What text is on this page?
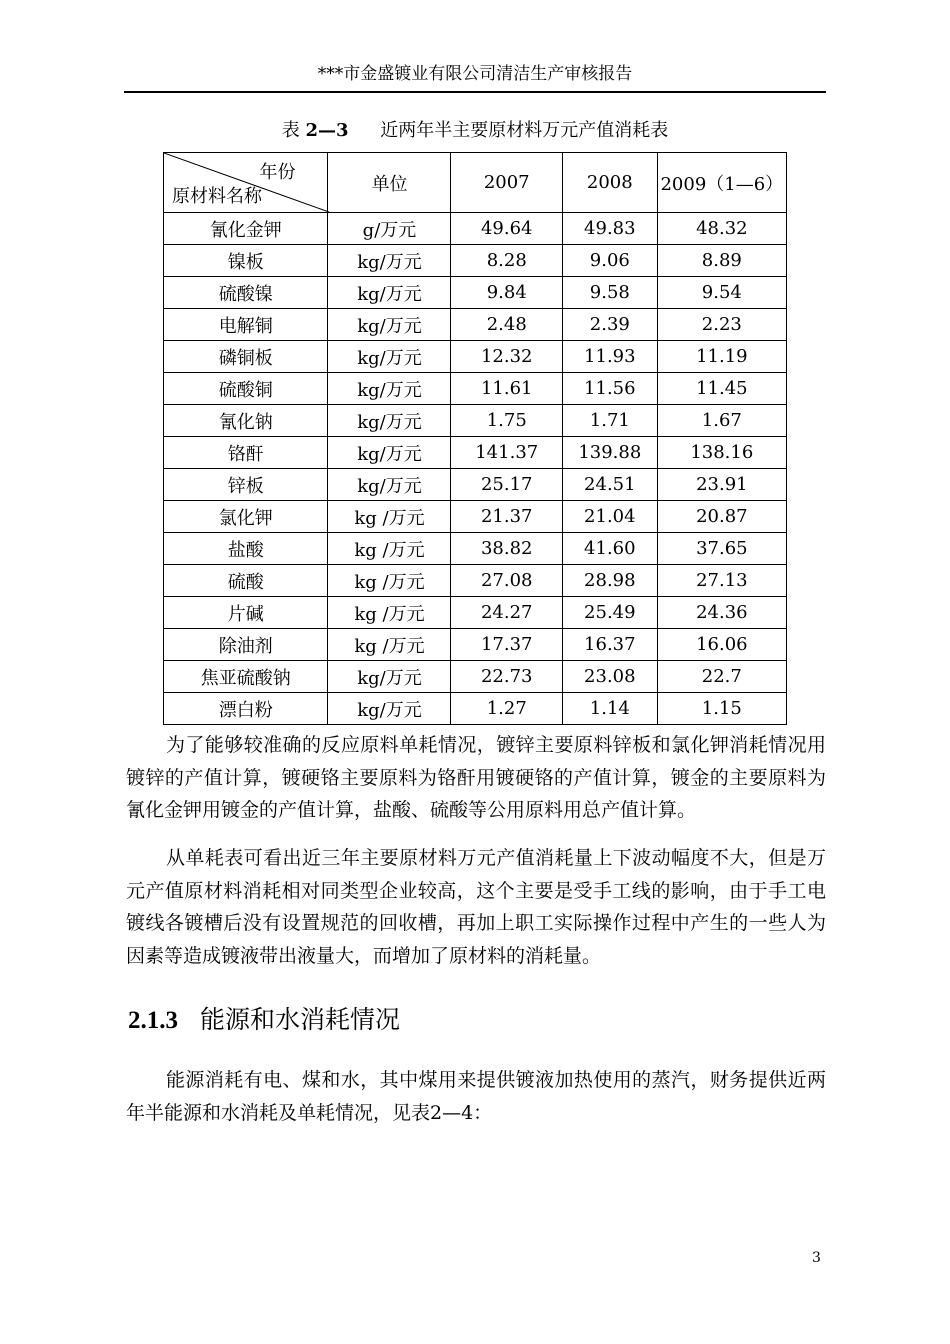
***市金盛镀业有限公司清洁生产审核报告
表 2—3 近两年半主要原材料万元产值消耗表
年份
原材料名称	单位	2007	2008	2009（1—6）
氰化金钾	g/万元	49.64	49.83	48.32
镍板	kg/万元	8.28	9.06	8.89
硫酸镍	kg/万元	9.84	9.58	9.54
电解铜	kg/万元	2.48	2.39	2.23
磷铜板	kg/万元	12.32	11.93	11.19
硫酸铜	kg/万元	11.61	11.56	11.45
氰化钠	kg/万元	1.75	1.71	1.67
铬酐	kg/万元	141.37	139.88	138.16
锌板	kg/万元	25.17	24.51	23.91
氯化钾	kg /万元	21.37	21.04	20.87
盐酸	kg /万元	38.82	41.60	37.65
硫酸	kg /万元	27.08	28.98	27.13
片碱	kg /万元	24.27	25.49	24.36
除油剂	kg /万元	17.37	16.37	16.06
焦亚硫酸钠	kg/万元	22.73	23.08	22.7
漂白粉	kg/万元	1.27	1.14	1.15

为了能够较准确的反应原料单耗情况，镀锌主要原料锌板和氯化钾消耗情况用镀锌的产值计算，镀硬铬主要原料为铬酐用镀硬铬的产值计算，镀金的主要原料为氰化金钾用镀金的产值计算，盐酸、硫酸等公用原料用总产值计算。

从单耗表可看出近三年主要原材料万元产值消耗量上下波动幅度不大，但是万元产值原材料消耗相对同类型企业较高，这个主要是受手工线的影响，由于手工电镀线各镀槽后没有设置规范的回收槽，再加上职工实际操作过程中产生的一些人为因素等造成镀液带出液量大，而增加了原材料的消耗量。

2.1.3 能源和水消耗情况

能源消耗有电、煤和水，其中煤用来提供镀液加热使用的蒸汽，财务提供近两年半能源和水消耗及单耗情况，见表2—4：

3
